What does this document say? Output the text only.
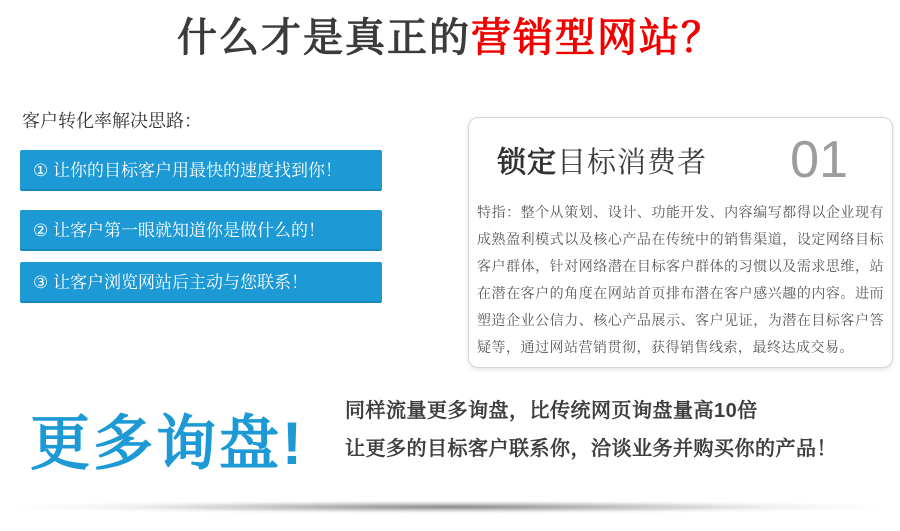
什么才是真正的营销型网站？
客户转化率解决思路：
① 让你的目标客户用最快的速度找到你！
② 让客户第一眼就知道你是做什么的！
③ 让客户浏览网站后主动与您联系！
锁定目标消费者 01
特指：整个从策划、设计、功能开发、内容编写都得以企业现有成熟盈利模式以及核心产品在传统中的销售渠道，设定网络目标客户群体，针对网络潜在目标客户群体的习惯以及需求思维，站在潜在客户的角度在网站首页排布潜在客户感兴趣的内容。进而塑造企业公信力、核心产品展示、客户见证，为潜在目标客户答疑等，通过网站营销贯彻，获得销售线索，最终达成交易。
更多询盘! 同样流量更多询盘，比传统网页询盘量高10倍
让更多的目标客户联系你，洽谈业务并购买你的产品！
